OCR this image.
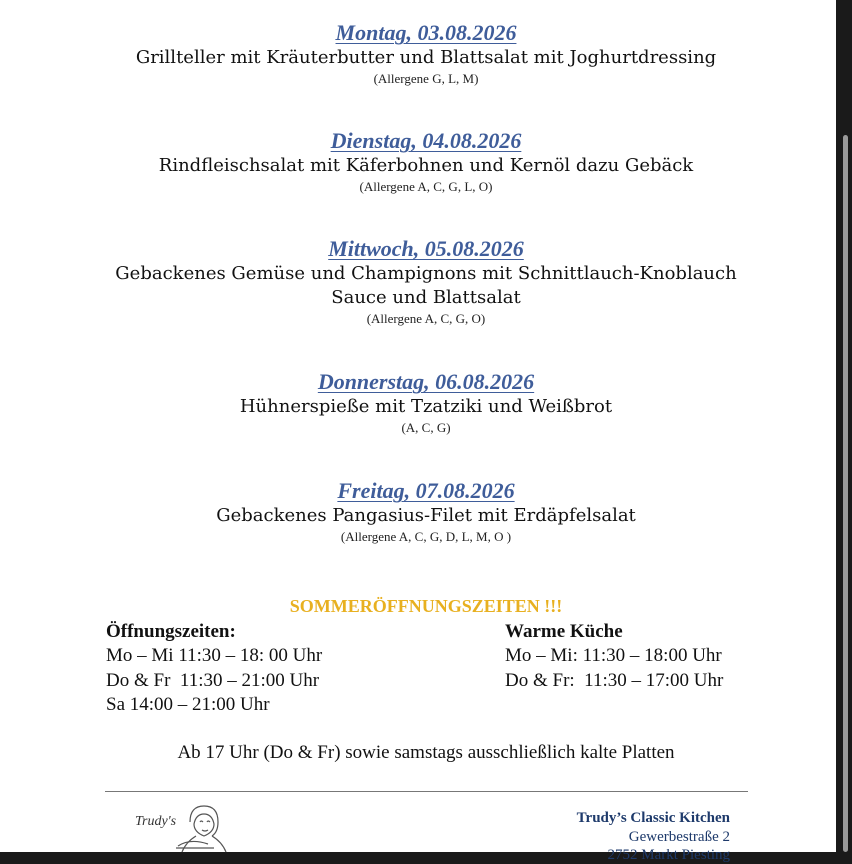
Montag, 03.08.2026
Grillteller mit Kräuterbutter und Blattsalat mit Joghurtdressing
(Allergene G, L, M)
Dienstag, 04.08.2026
Rindfleischsalat mit Käferbohnen und Kernöl dazu Gebäck
(Allergene A, C, G, L, O)
Mittwoch, 05.08.2026
Gebackenes Gemüse und Champignons mit Schnittlauch-Knoblauch
Sauce und Blattsalat
(Allergene A, C, G, O)
Donnerstag, 06.08.2026
Hühnerspieße mit Tzatziki und Weißbrot
(A, C, G)
Freitag, 07.08.2026
Gebackenes Pangasius-Filet mit Erdäpfelsalat
(Allergene A, C, G, D, L, M, O )
SOMMERÖFFNUNGSZEITEN !!!
Öffnungszeiten:
Mo – Mi 11:30 – 18: 00 Uhr
Do & Fr  11:30 – 21:00 Uhr
Sa 14:00 – 21:00 Uhr
Warme Küche
Mo – Mi: 11:30 – 18:00 Uhr
Do & Fr:  11:30 – 17:00 Uhr
Ab 17 Uhr (Do & Fr) sowie samstags ausschließlich kalte Platten
Trudy's	Trudy’s Classic Kitchen
Gewerbestraße 2
2752 Markt Piesting
